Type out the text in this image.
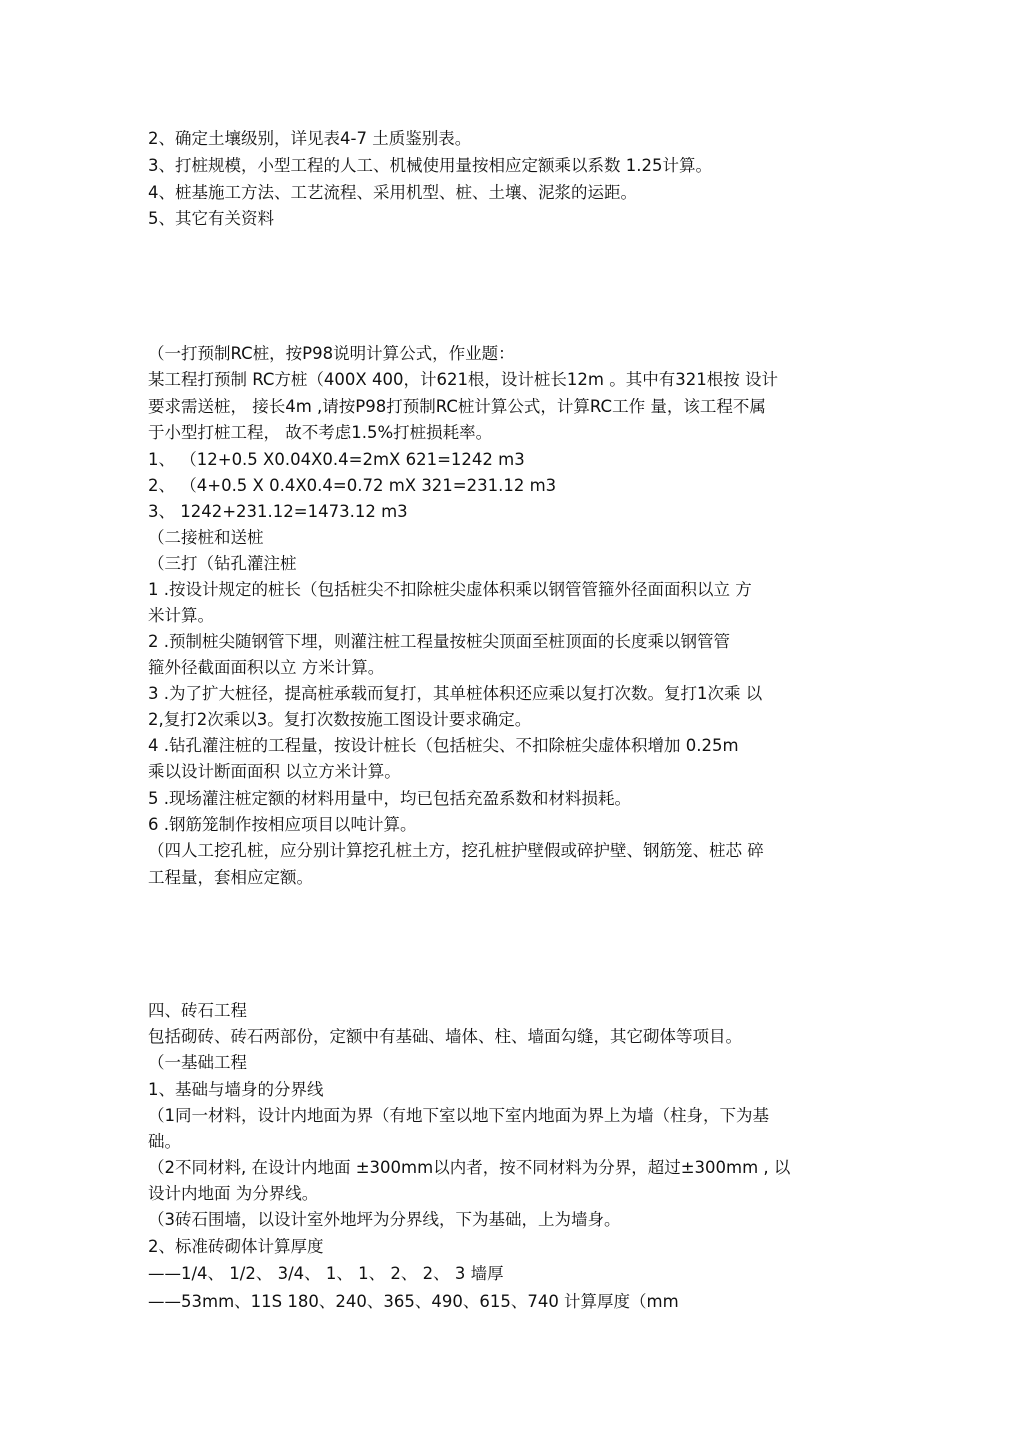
2、确定土壤级别，详见表4-7 土质鉴别表。
3、打桩规模，小型工程的人工、机械使用量按相应定额乘以系数 1.25计算。
4、桩基施工方法、工艺流程、采用机型、桩、土壤、泥浆的运距。
5、其它有关资料
（一打预制RC桩，按P98说明计算公式，作业题：
某工程打预制 RC方桩（400X 400，计621根，设计桩长12m 。其中有321根按 设计
要求需送桩， 接长4m ,请按P98打预制RC桩计算公式，计算RC工作 量，该工程不属
于小型打桩工程， 故不考虑1.5%打桩损耗率。
1、 （12+0.5 X0.04X0.4=2mX 621=1242 m3
2、 （4+0.5 X 0.4X0.4=0.72 mX 321=231.12 m3
3、 1242+231.12=1473.12 m3
（二接桩和送桩
（三打（钻孔灌注桩
1 .按设计规定的桩长（包括桩尖不扣除桩尖虚体积乘以钢管管箍外径面面积以立 方
米计算。
2 .预制桩尖随钢管下埋，则灌注桩工程量按桩尖顶面至桩顶面的长度乘以钢管管
箍外径截面面积以立 方米计算。
3 .为了扩大桩径，提高桩承载而复打，其单桩体积还应乘以复打次数。复打1次乘 以
2,复打2次乘以3。复打次数按施工图设计要求确定。
4 .钻孔灌注桩的工程量，按设计桩长（包括桩尖、不扣除桩尖虚体积增加 0.25m
乘以设计断面面积 以立方米计算。
5 .现场灌注桩定额的材料用量中，均已包括充盈系数和材料损耗。
6 .钢筋笼制作按相应项目以吨计算。
（四人工挖孔桩，应分别计算挖孔桩土方，挖孔桩护壁假或碎护壁、钢筋笼、桩芯 碎
工程量，套相应定额。
四、砖石工程
包括砌砖、砖石两部份，定额中有基础、墙体、柱、墙面勾缝，其它砌体等项目。
（一基础工程
1、基础与墙身的分界线
（1同一材料，设计内地面为界（有地下室以地下室内地面为界上为墙（柱身，下为基
础。
（2不同材料, 在设计内地面 ±300mm以内者，按不同材料为分界，超过±300mm , 以
设计内地面 为分界线。
（3砖石围墙，以设计室外地坪为分界线，下为基础，上为墙身。
2、标准砖砌体计算厚度
——1/4、 1/2、 3/4、 1、 1、 2、 2、 3 墙厚
——53mm、11S 180、240、365、490、615、740 计算厚度（mm
